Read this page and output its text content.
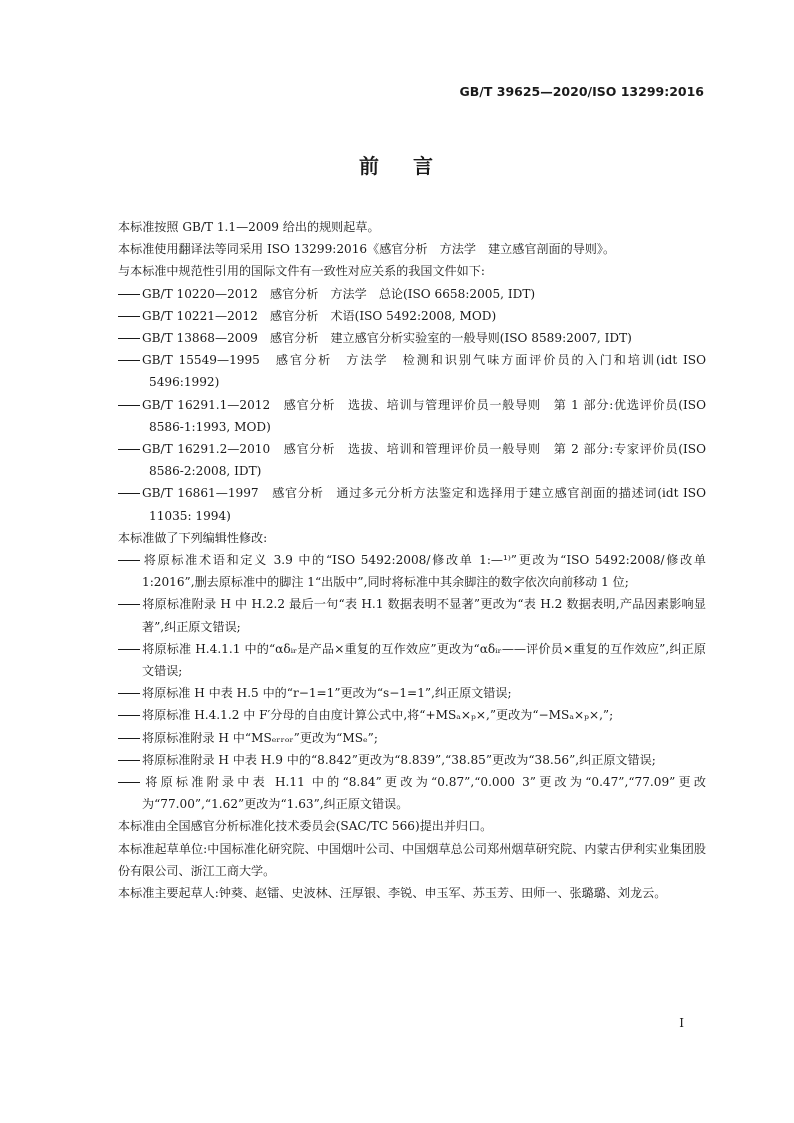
GB/T 39625—2020/ISO 13299:2016
前 言

本标准按照 GB/T 1.1—2009 给出的规则起草。

本标准使用翻译法等同采用 ISO 13299:2016《感官分析　方法学　建立感官剖面的导则》。

与本标准中规范性引用的国际文件有一致性对应关系的我国文件如下:

GB/T 10220—2012　感官分析　方法学　总论(ISO 6658:2005, IDT)

GB/T 10221—2012　感官分析　术语(ISO 5492:2008, MOD)

GB/T 13868—2009　感官分析　建立感官分析实验室的一般导则(ISO 8589:2007, IDT)

GB/T 15549—1995　感官分析　方法学　检测和识别气味方面评价员的入门和培训(idt ISO 5496:1992)

GB/T 16291.1—2012　感官分析　选拔、培训与管理评价员一般导则　第 1 部分:优选评价员(ISO 8586-1:1993, MOD)

GB/T 16291.2—2010　感官分析　选拔、培训和管理评价员一般导则　第 2 部分:专家评价员(ISO 8586-2:2008, IDT)

GB/T 16861—1997　感官分析　通过多元分析方法鉴定和选择用于建立感官剖面的描述词(idt ISO 11035: 1994)

本标准做了下列编辑性修改:

将原标准术语和定义 3.9 中的“ISO 5492:2008/修改单 1:—¹⁾”更改为“ISO 5492:2008/修改单 1:2016”,删去原标准中的脚注 1“出版中”,同时将标准中其余脚注的数字依次向前移动 1 位;

将原标准附录 H 中 H.2.2 最后一句“表 H.1 数据表明不显著”更改为“表 H.2 数据表明,产品因素影响显著”,纠正原文错误;

将原标准 H.4.1.1 中的“αδᵢᵣ是产品×重复的互作效应”更改为“αδᵢᵣ——评价员×重复的互作效应”,纠正原文错误;

将原标准 H 中表 H.5 中的“r−1=1”更改为“s−1=1”,纠正原文错误;

将原标准 H.4.1.2 中 F′分母的自由度计算公式中,将“+MSₐ×ₚ×,”更改为“−MSₐ×ₚ×,”;

将原标准附录 H 中“MSₑᵣᵣₒᵣ”更改为“MSₑ”;

将原标准附录 H 中表 H.9 中的“8.842”更改为“8.839”,“38.85”更改为“38.56”,纠正原文错误;

将原标准附录中表 H.11 中的“8.84”更改为“0.87”,“0.000 3”更改为“0.47”,“77.09”更改为“77.00”,“1.62”更改为“1.63”,纠正原文错误。

本标准由全国感官分析标准化技术委员会(SAC/TC 566)提出并归口。

本标准起草单位:中国标准化研究院、中国烟叶公司、中国烟草总公司郑州烟草研究院、内蒙古伊利实业集团股份有限公司、浙江工商大学。

本标准主要起草人:钟葵、赵镭、史波林、汪厚银、李锐、申玉军、苏玉芳、田师一、张璐璐、刘龙云。

I
